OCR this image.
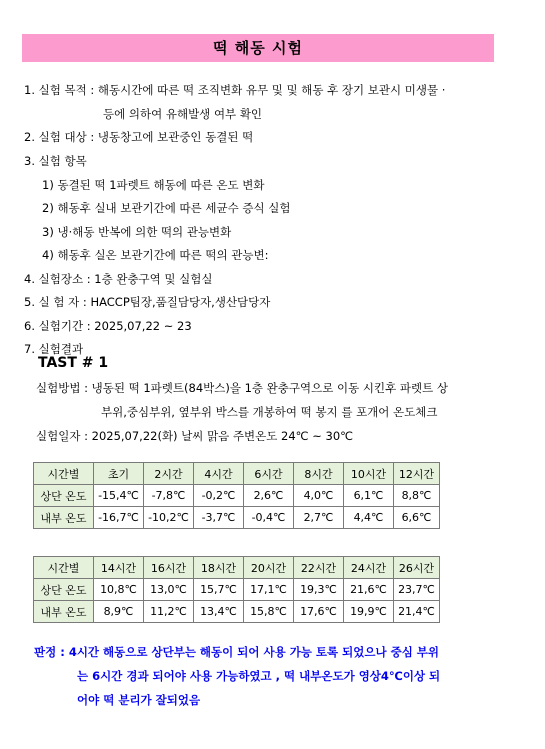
떡 해동 시험
1. 실험 목적 : 해동시간에 따른 떡 조직변화 유무 및 및 해동 후 장기 보관시 미생물 ·
등에 의하여 유해발생 여부 확인
2. 실험 대상 : 냉동창고에 보관중인 동결된 떡
3. 실험 항목
1) 동결된 떡 1파렛트 해동에 따른 온도 변화
2) 해동후 실내 보관기간에 따른 세균수 증식 실험
3) 냉·해동 반복에 의한 떡의 관능변화
4) 해동후 실온 보관기간에 따른 떡의 관능변:
4. 실험장소 : 1층 완충구역 및 실험실
5. 실 험 자 : HACCP팀장,품질담당자,생산담당자
6. 실험기간 : 2025,07,22 ~ 23
7. 실험결과
TAST # 1
실험방법 : 냉동된 떡 1파렛트(84박스)을 1층 완충구역으로 이동 시킨후 파렛트 상
부위,중심부위, 옆부위 박스를 개봉하여 떡 봉지 를 포개어 온도체크
실험일자 : 2025,07,22(화) 날씨 맑음 주변온도 24℃ ~ 30℃
시간별	초기	2시간	4시간	6시간	8시간	10시간	12시간
상단 온도	-15,4℃	-7,8℃	-0,2℃	2,6℃	4,0℃	6,1℃	8,8℃
내부 온도	-16,7℃	-10,2℃	-3,7℃	-0,4℃	2,7℃	4,4℃	6,6℃
시간별	14시간	16시간	18시간	20시간	22시간	24시간	26시간
상단 온도	10,8℃	13,0℃	15,7℃	17,1℃	19,3℃	21,6℃	23,7℃
내부 온도	8,9℃	11,2℃	13,4℃	15,8℃	17,6℃	19,9℃	21,4℃
판정 : 4시간 해동으로 상단부는 해동이 되어 사용 가능 토록 되었으나 중심 부위
는 6시간 경과 되어야 사용 가능하였고 , 떡 내부온도가 영상4℃이상 되
어야 떡 분리가 잘되었음
